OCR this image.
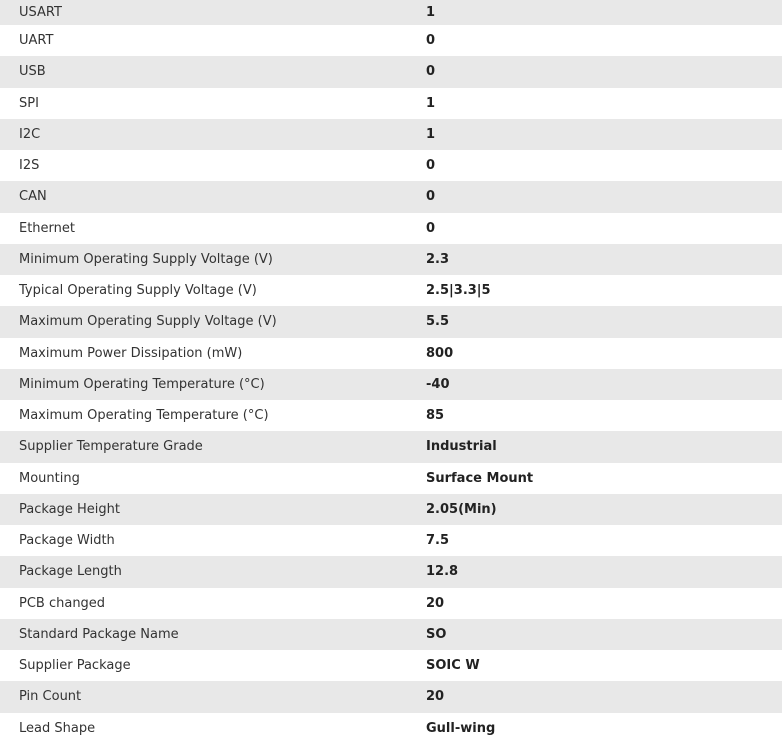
USART	1
UART	0
USB	0
SPI	1
I2C	1
I2S	0
CAN	0
Ethernet	0
Minimum Operating Supply Voltage (V)	2.3
Typical Operating Supply Voltage (V)	2.5|3.3|5
Maximum Operating Supply Voltage (V)	5.5
Maximum Power Dissipation (mW)	800
Minimum Operating Temperature (°C)	-40
Maximum Operating Temperature (°C)	85
Supplier Temperature Grade	Industrial
Mounting	Surface Mount
Package Height	2.05(Min)
Package Width	7.5
Package Length	12.8
PCB changed	20
Standard Package Name	SO
Supplier Package	SOIC W
Pin Count	20
Lead Shape	Gull-wing
